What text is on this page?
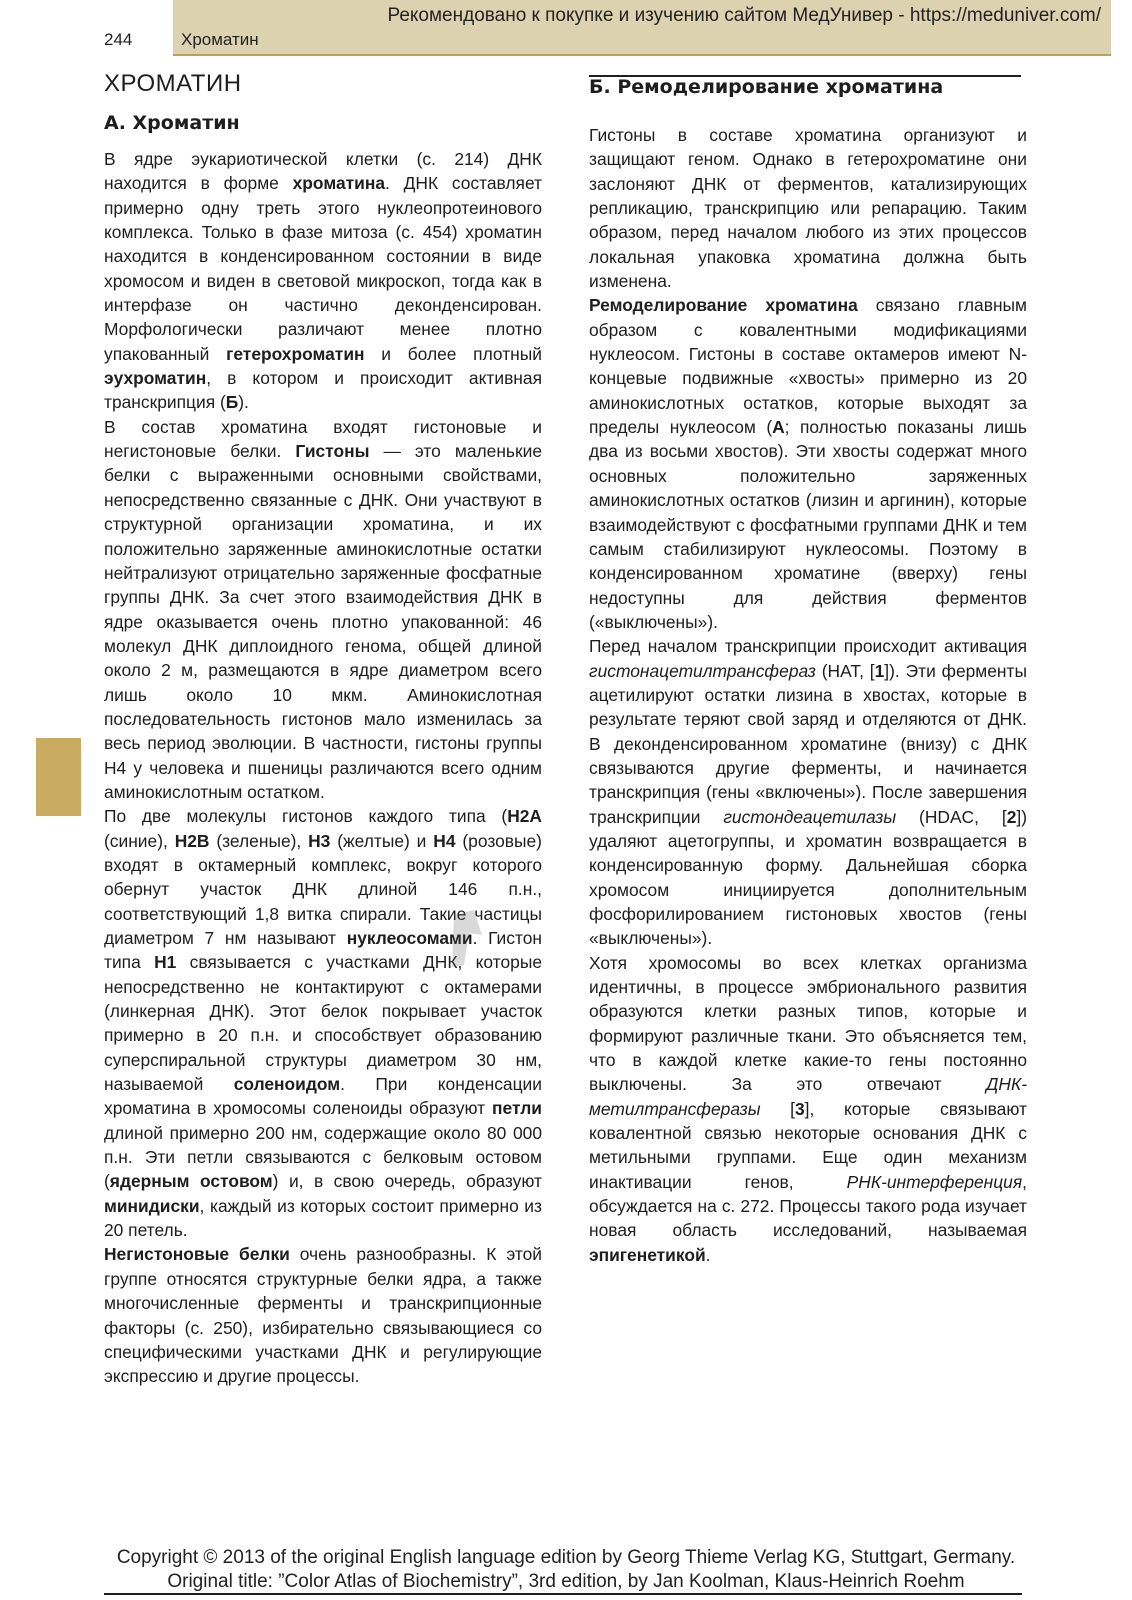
244
Рекомендовано к покупке и изучению сайтом МедУнивер - https://meduniver.com/
Хроматин
ХРОМАТИН
А. Хроматин
Б. Ремоделирование хроматина

В ядре эукариотической клетки (с. 214) ДНК находится в форме хроматина. ДНК составляет примерно одну треть этого нуклеопротеинового комплекса. Только в фазе митоза (с. 454) хроматин находится в конденсированном состоянии в виде хромосом и виден в световой микроскоп, тогда как в интерфазе он частично деконденсирован. Морфологически различают менее плотно упакованный гетерохроматин и более плотный эухроматин, в котором и происходит активная транскрипция (Б).

В состав хроматина входят гистоновые и негистоновые белки. Гистоны — это маленькие белки с выраженными основными свойствами, непосредственно связанные с ДНК. Они участвуют в структурной организации хроматина, и их положительно заряженные аминокислотные остатки нейтрализуют отрицательно заряженные фосфатные группы ДНК. За счет этого взаимодействия ДНК в ядре оказывается очень плотно упакованной: 46 молекул ДНК диплоидного генома, общей длиной около 2 м, размещаются в ядре диаметром всего лишь около 10 мкм. Аминокислотная последовательность гистонов мало изменилась за весь период эволюции. В частности, гистоны группы H4 у человека и пшеницы различаются всего одним аминокислотным остатком.

По две молекулы гистонов каждого типа (H2A (синие), H2B (зеленые), H3 (желтые) и H4 (розовые) входят в октамерный комплекс, вокруг которого обернут участок ДНК длиной 146 п.н., соответствующий 1,8 витка спирали. Такие частицы диаметром 7 нм называют нуклеосомами. Гистон типа H1 связывается с участками ДНК, которые непосредственно не контактируют с октамерами (линкерная ДНК). Этот белок покрывает участок примерно в 20 п.н. и способствует образованию суперспиральной структуры диаметром 30 нм, называемой соленоидом. При конденсации хроматина в хромосомы соленоиды образуют петли длиной примерно 200 нм, содержащие около 80 000 п.н. Эти петли связываются с белковым остовом (ядерным остовом) и, в свою очередь, образуют минидиски, каждый из которых состоит примерно из 20 петель.

Негистоновые белки очень разнообразны. К этой группе относятся структурные белки ядра, а также многочисленные ферменты и транскрипционные факторы (с. 250), избирательно связывающиеся со специфическими участками ДНК и регулирующие экспрессию и другие процессы.

Гистоны в составе хроматина организуют и защищают геном. Однако в гетерохроматине они заслоняют ДНК от ферментов, катализирующих репликацию, транскрипцию или репарацию. Таким образом, перед началом любого из этих процессов локальная упаковка хроматина должна быть изменена.

Ремоделирование хроматина связано главным образом с ковалентными модификациями нуклеосом. Гистоны в составе октамеров имеют N-концевые подвижные «хвосты» примерно из 20 аминокислотных остатков, которые выходят за пределы нуклеосом (А; полностью показаны лишь два из восьми хвостов). Эти хвосты содержат много основных положительно заряженных аминокислотных остатков (лизин и аргинин), которые взаимодействуют с фосфатными группами ДНК и тем самым стабилизируют нуклеосомы. Поэтому в конденсированном хроматине (вверху) гены недоступны для действия ферментов («выключены»).

Перед началом транскрипции происходит активация гистонацетилтрансфераз (HAT, [1]). Эти ферменты ацетилируют остатки лизина в хвостах, которые в результате теряют свой заряд и отделяются от ДНК. В деконденсированном хроматине (внизу) с ДНК связываются другие ферменты, и начинается транскрипция (гены «включены»). После завершения транскрипции гистондеацетилазы (HDAC, [2]) удаляют ацетогруппы, и хроматин возвращается в конденсированную форму. Дальнейшая сборка хромосом инициируется дополнительным фосфорилированием гистоновых хвостов (гены «выключены»).

Хотя хромосомы во всех клетках организма идентичны, в процессе эмбрионального развития образуются клетки разных типов, которые и формируют различные ткани. Это объясняется тем, что в каждой клетке какие-то гены постоянно выключены. За это отвечают ДНК-метилтрансферазы [3], которые связывают ковалентной связью некоторые основания ДНК с метильными группами. Еще один механизм инактивации генов, РНК-интерференция, обсуждается на с. 272. Процессы такого рода изучает новая область исследований, называемая эпигенетикой.

Copyright © 2013 of the original English language edition by Georg Thieme Verlag KG, Stuttgart, Germany.
Original title: ”Color Atlas of Biochemistry”, 3rd edition, by Jan Koolman, Klaus-Heinrich Roehm
